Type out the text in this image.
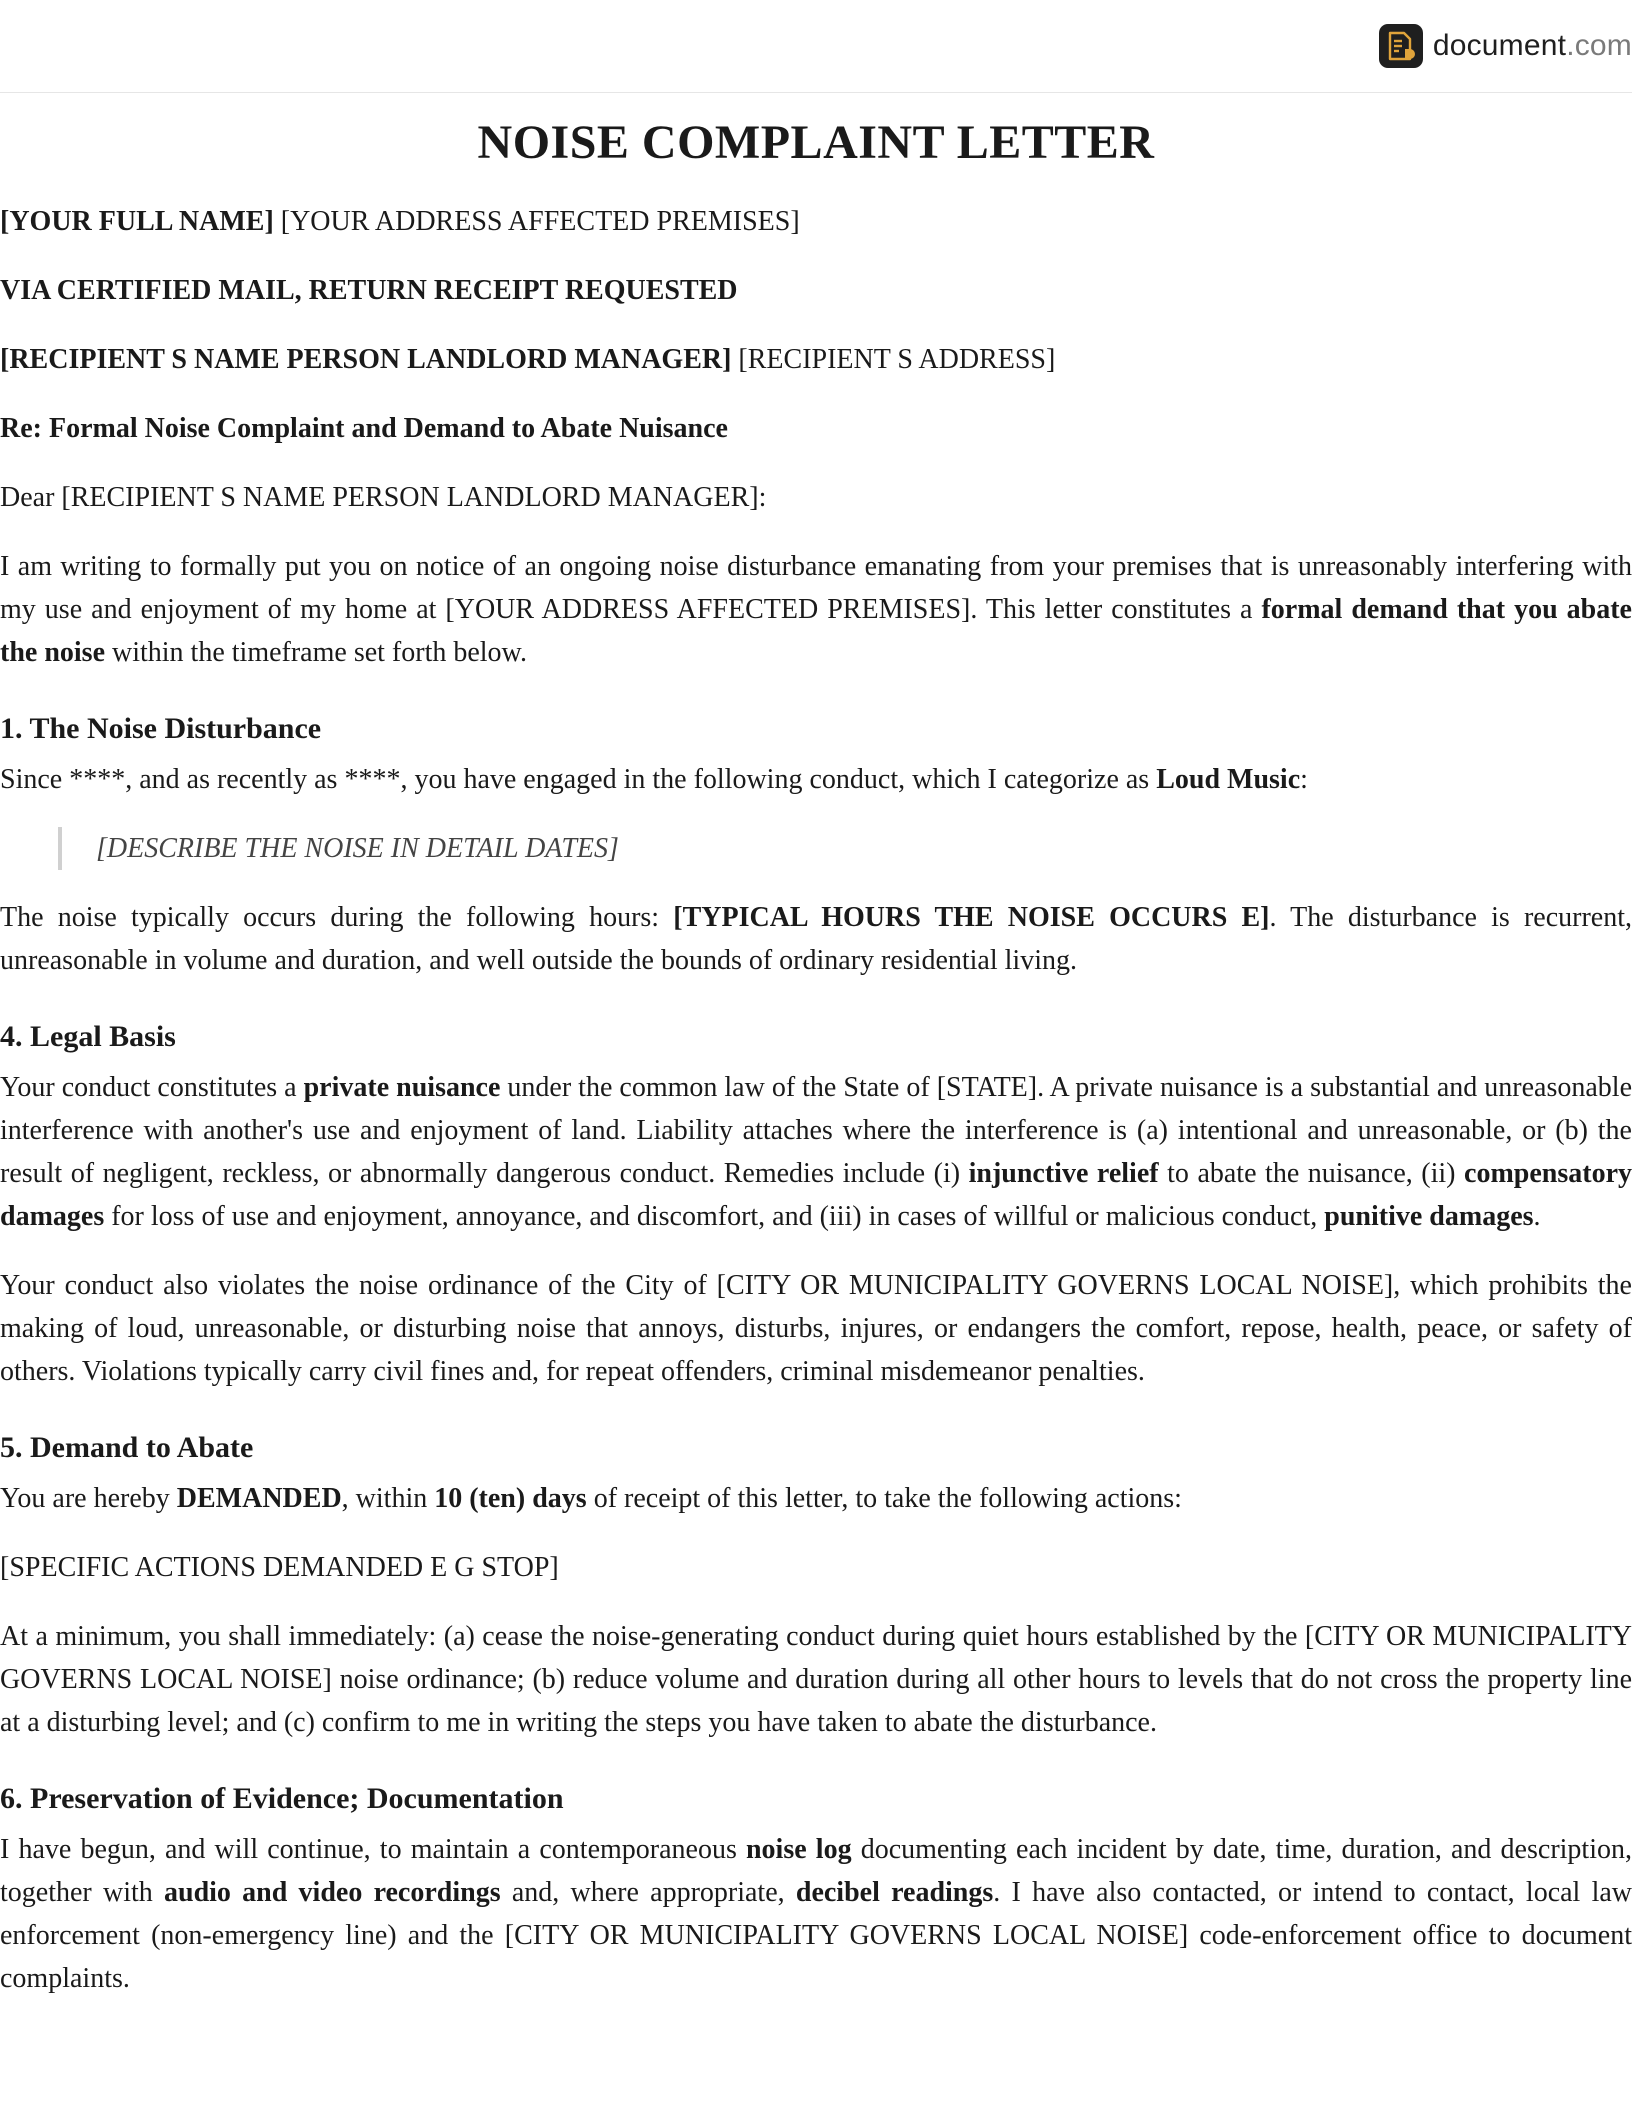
document.com
NOISE COMPLAINT LETTER

[YOUR FULL NAME] [YOUR ADDRESS AFFECTED PREMISES]

VIA CERTIFIED MAIL, RETURN RECEIPT REQUESTED

[RECIPIENT S NAME PERSON LANDLORD MANAGER] [RECIPIENT S ADDRESS]

Re: Formal Noise Complaint and Demand to Abate Nuisance

Dear [RECIPIENT S NAME PERSON LANDLORD MANAGER]:

I am writing to formally put you on notice of an ongoing noise disturbance emanating from your premises that is unreasonably interfering with my use and enjoyment of my home at [YOUR ADDRESS AFFECTED PREMISES]. This letter constitutes a formal demand that you abate the noise within the timeframe set forth below.

1. The Noise Disturbance

Since ****, and as recently as ****, you have engaged in the following conduct, which I categorize as Loud Music:

[DESCRIBE THE NOISE IN DETAIL DATES]

The noise typically occurs during the following hours: [TYPICAL HOURS THE NOISE OCCURS E]. The disturbance is recurrent, unreasonable in volume and duration, and well outside the bounds of ordinary residential living.

4. Legal Basis

Your conduct constitutes a private nuisance under the common law of the State of [STATE]. A private nuisance is a substantial and unreasonable interference with another's use and enjoyment of land. Liability attaches where the interference is (a) intentional and unreasonable, or (b) the result of negligent, reckless, or abnormally dangerous conduct. Remedies include (i) injunctive relief to abate the nuisance, (ii) compensatory damages for loss of use and enjoyment, annoyance, and discomfort, and (iii) in cases of willful or malicious conduct, punitive damages.

Your conduct also violates the noise ordinance of the City of [CITY OR MUNICIPALITY GOVERNS LOCAL NOISE], which prohibits the making of loud, unreasonable, or disturbing noise that annoys, disturbs, injures, or endangers the comfort, repose, health, peace, or safety of others. Violations typically carry civil fines and, for repeat offenders, criminal misdemeanor penalties.

5. Demand to Abate

You are hereby DEMANDED, within 10 (ten) days of receipt of this letter, to take the following actions:

[SPECIFIC ACTIONS DEMANDED E G STOP]

At a minimum, you shall immediately: (a) cease the noise-generating conduct during quiet hours established by the [CITY OR MUNICIPALITY GOVERNS LOCAL NOISE] noise ordinance; (b) reduce volume and duration during all other hours to levels that do not cross the property line at a disturbing level; and (c) confirm to me in writing the steps you have taken to abate the disturbance.

6. Preservation of Evidence; Documentation

I have begun, and will continue, to maintain a contemporaneous noise log documenting each incident by date, time, duration, and description, together with audio and video recordings and, where appropriate, decibel readings. I have also contacted, or intend to contact, local law enforcement (non-emergency line) and the [CITY OR MUNICIPALITY GOVERNS LOCAL NOISE] code-enforcement office to document complaints.
